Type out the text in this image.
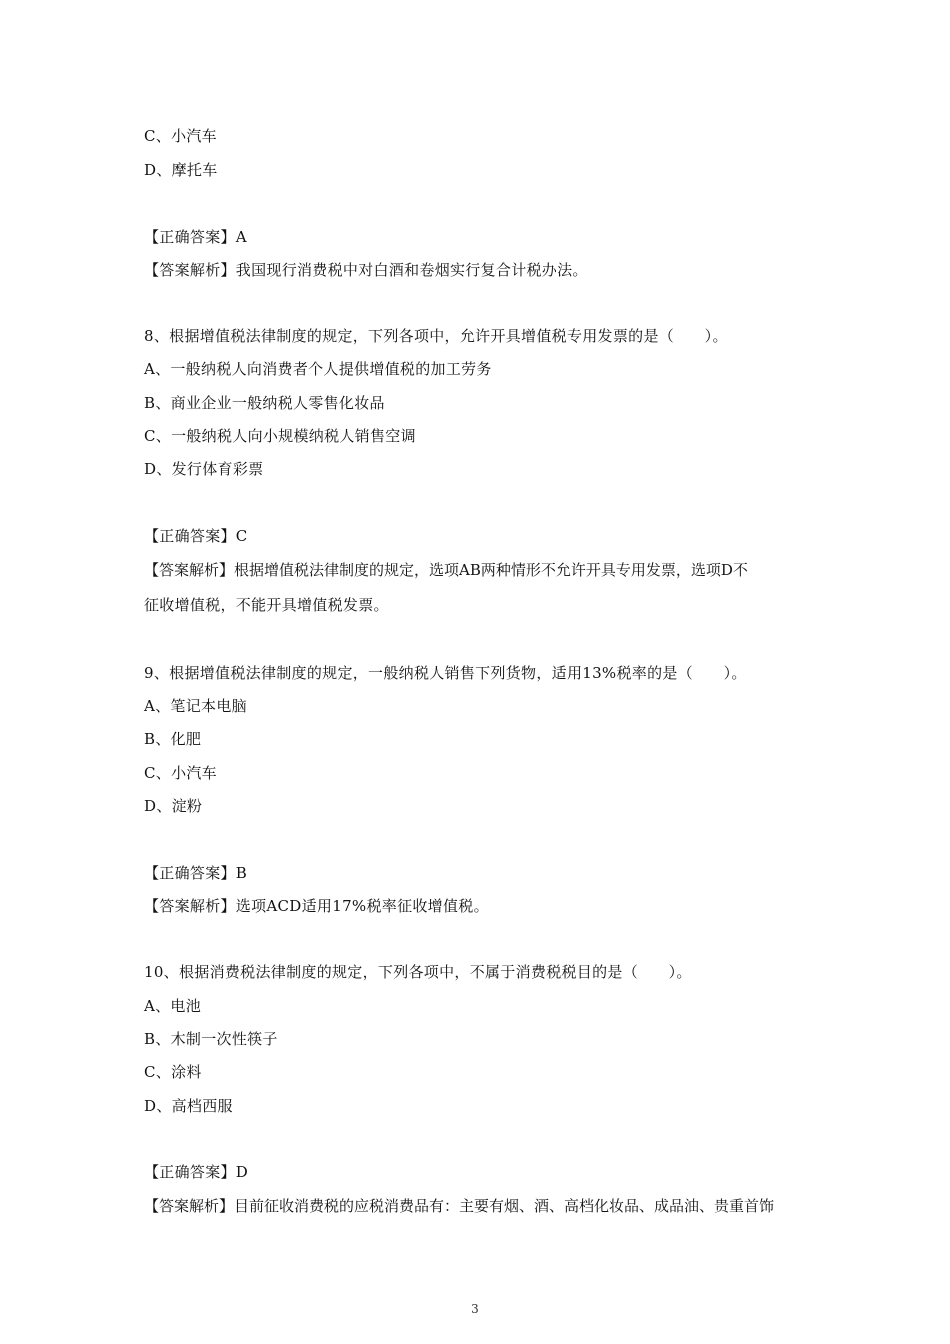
C、小汽车
D、摩托车
【正确答案】A
【答案解析】我国现行消费税中对白酒和卷烟实行复合计税办法。
8、根据增值税法律制度的规定，下列各项中，允许开具增值税专用发票的是（　　）。
A、一般纳税人向消费者个人提供增值税的加工劳务
B、商业企业一般纳税人零售化妆品
C、一般纳税人向小规模纳税人销售空调
D、发行体育彩票
【正确答案】C
【答案解析】根据增值税法律制度的规定，选项AB两种情形不允许开具专用发票，选项D不
征收增值税，不能开具增值税发票。
9、根据增值税法律制度的规定，一般纳税人销售下列货物，适用13%税率的是（　　）。
A、笔记本电脑
B、化肥
C、小汽车
D、淀粉
【正确答案】B
【答案解析】选项ACD适用17%税率征收增值税。
10、根据消费税法律制度的规定，下列各项中，不属于消费税税目的是（　　）。
A、电池
B、木制一次性筷子
C、涂料
D、高档西服
【正确答案】D
【答案解析】目前征收消费税的应税消费品有：主要有烟、酒、高档化妆品、成品油、贵重首饰
3
